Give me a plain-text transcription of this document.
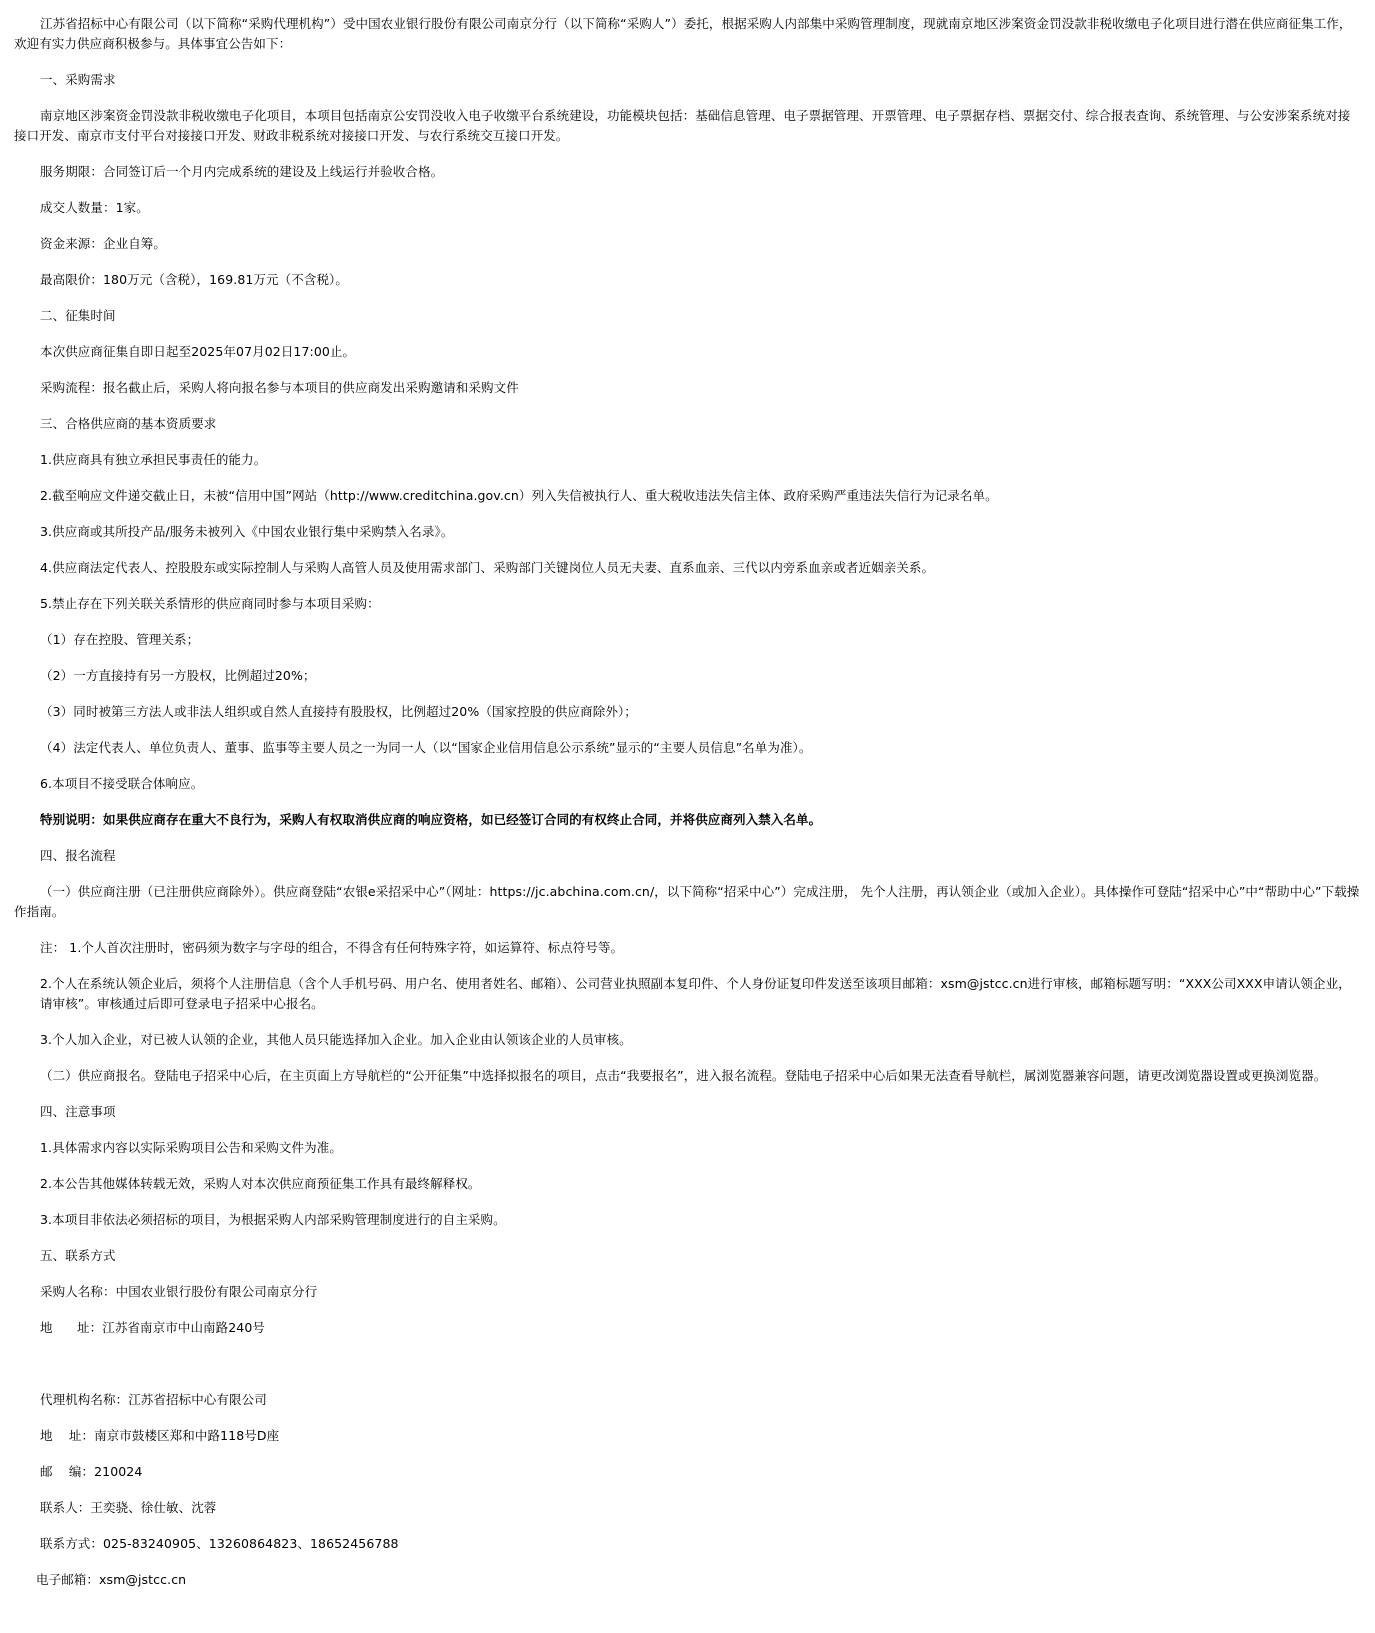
江苏省招标中心有限公司（以下简称“采购代理机构”）受中国农业银行股份有限公司南京分行（以下简称“采购人”）委托，根据采购人内部集中采购管理制度，现就南京地区涉案资金罚没款非税收缴电子化项目进行潜在供应商征集工作，欢迎有实力供应商积极参与。具体事宜公告如下：

一、采购需求

南京地区涉案资金罚没款非税收缴电子化项目，本项目包括南京公安罚没收入电子收缴平台系统建设，功能模块包括：基础信息管理、电子票据管理、开票管理、电子票据存档、票据交付、综合报表查询、系统管理、与公安涉案系统对接接口开发、南京市支付平台对接接口开发、财政非税系统对接接口开发、与农行系统交互接口开发。

服务期限：合同签订后一个月内完成系统的建设及上线运行并验收合格。

成交人数量：1家。

资金来源：企业自筹。

最高限价：180万元（含税），169.81万元（不含税）。

二、征集时间

本次供应商征集自即日起至2025年07月02日17:00止。

采购流程：报名截止后，采购人将向报名参与本项目的供应商发出采购邀请和采购文件

三、合格供应商的基本资质要求

1.供应商具有独立承担民事责任的能力。

2.截至响应文件递交截止日，未被“信用中国”网站（http://www.creditchina.gov.cn）列入失信被执行人、重大税收违法失信主体、政府采购严重违法失信行为记录名单。

3.供应商或其所投产品/服务未被列入《中国农业银行集中采购禁入名录》。

4.供应商法定代表人、控股股东或实际控制人与采购人高管人员及使用需求部门、采购部门关键岗位人员无夫妻、直系血亲、三代以内旁系血亲或者近姻亲关系。

5.禁止存在下列关联关系情形的供应商同时参与本项目采购：

（1）存在控股、管理关系；

（2）一方直接持有另一方股权，比例超过20%；

（3）同时被第三方法人或非法人组织或自然人直接持有股股权，比例超过20%（国家控股的供应商除外）；

（4）法定代表人、单位负责人、董事、监事等主要人员之一为同一人（以“国家企业信用信息公示系统”显示的“主要人员信息”名单为准）。

6.本项目不接受联合体响应。

特别说明：如果供应商存在重大不良行为，采购人有权取消供应商的响应资格，如已经签订合同的有权终止合同，并将供应商列入禁入名单。

四、报名流程

（一）供应商注册（已注册供应商除外）。供应商登陆“农银e采招采中心”（网址：https://jc.abchina.com.cn/，以下简称“招采中心”）完成注册， 先个人注册，再认领企业（或加入企业）。具体操作可登陆“招采中心”中“帮助中心”下载操作指南。

注： 1.个人首次注册时，密码须为数字与字母的组合，不得含有任何特殊字符，如运算符、标点符号等。

2.个人在系统认领企业后，须将个人注册信息（含个人手机号码、用户名、使用者姓名、邮箱）、公司营业执照副本复印件、个人身份证复印件发送至该项目邮箱：xsm@jstcc.cn进行审核，邮箱标题写明：“XXX公司XXX申请认领企业，请审核”。审核通过后即可登录电子招采中心报名。

3.个人加入企业，对已被人认领的企业，其他人员只能选择加入企业。加入企业由认领该企业的人员审核。

（二）供应商报名。登陆电子招采中心后，在主页面上方导航栏的“公开征集”中选择拟报名的项目，点击“我要报名”，进入报名流程。登陆电子招采中心后如果无法查看导航栏，属浏览器兼容问题，请更改浏览器设置或更换浏览器。

四、注意事项

1.具体需求内容以实际采购项目公告和采购文件为准。

2.本公告其他媒体转载无效，采购人对本次供应商预征集工作具有最终解释权。

3.本项目非依法必须招标的项目，为根据采购人内部采购管理制度进行的自主采购。

五、联系方式

采购人名称：中国农业银行股份有限公司南京分行

地      址：江苏省南京市中山南路240号

代理机构名称：江苏省招标中心有限公司

地    址：南京市鼓楼区郑和中路118号D座

邮    编：210024

联系人：王奕骁、徐仕敏、沈蓉

联系方式：025-83240905、13260864823、18652456788

电子邮箱：xsm@jstcc.cn
